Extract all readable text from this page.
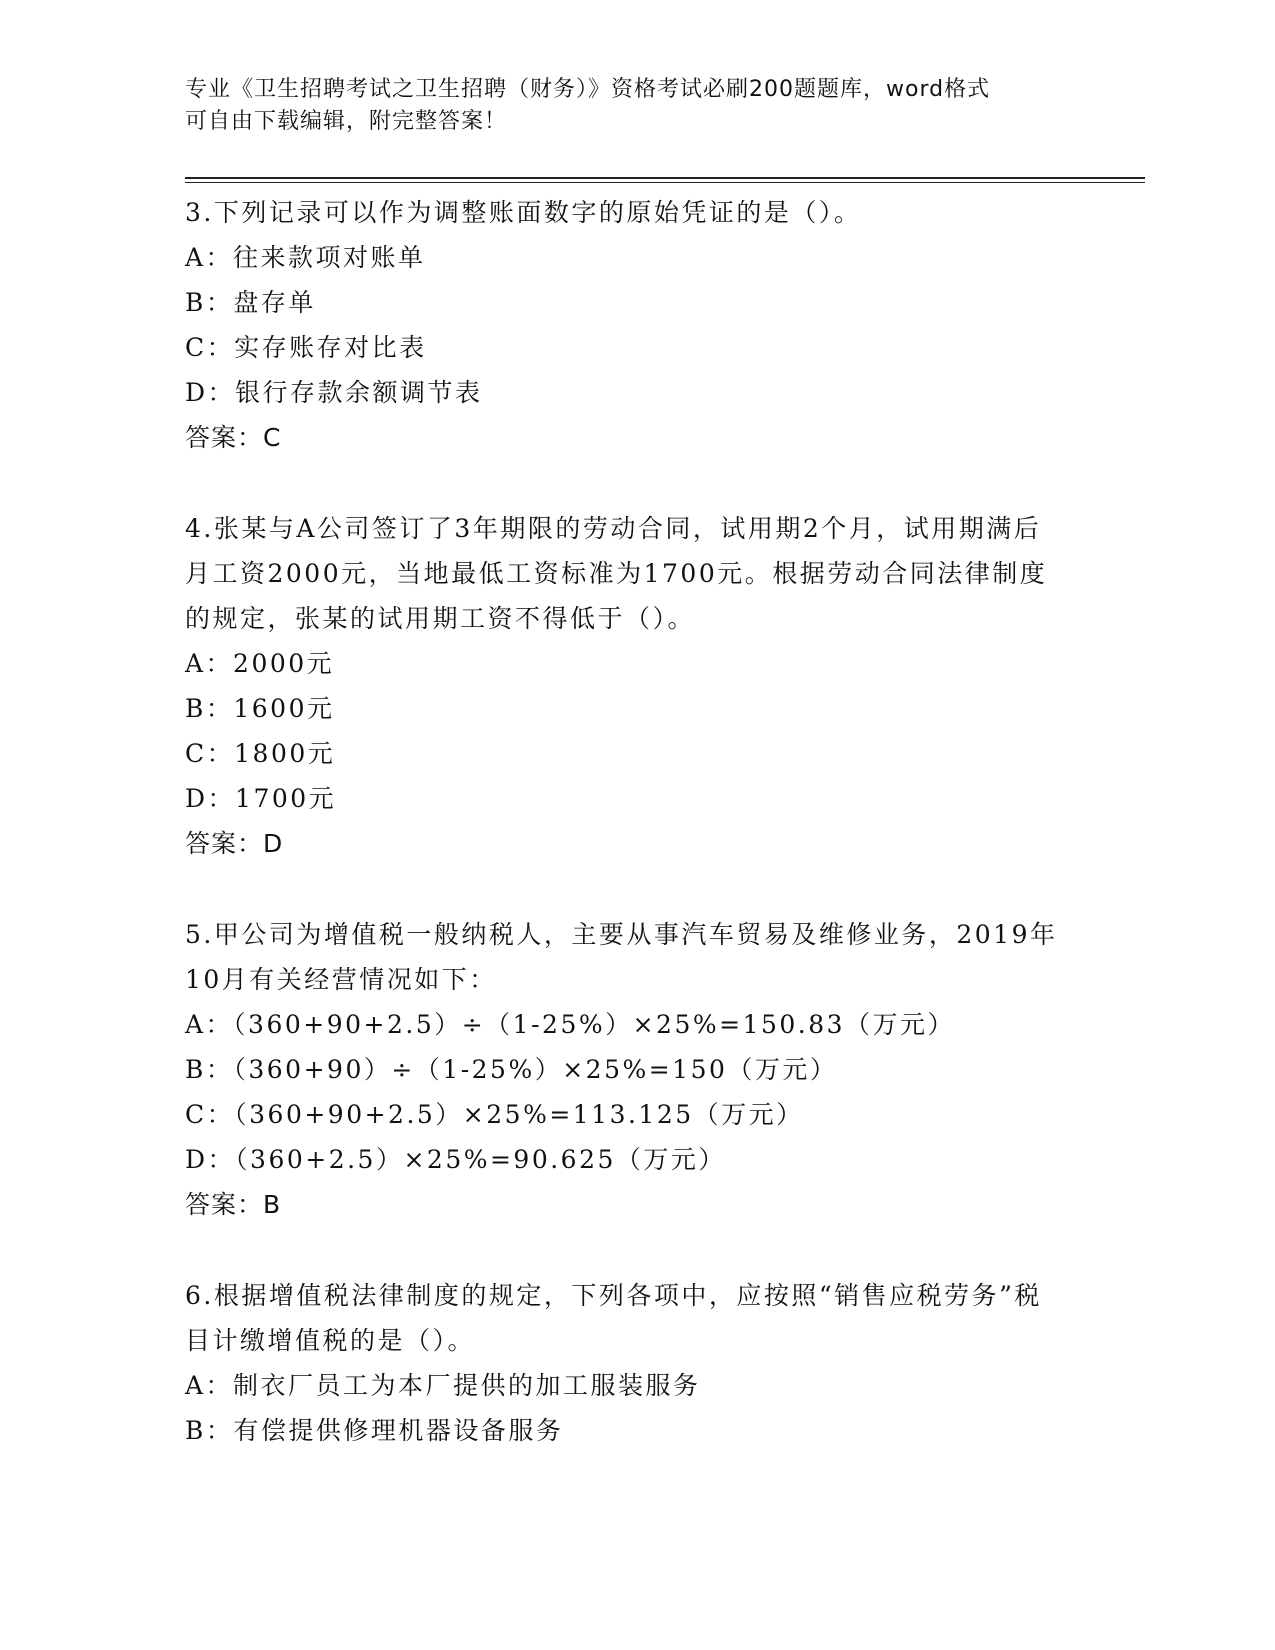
专业《卫生招聘考试之卫生招聘（财务）》资格考试必刷200题题库，word格式
可自由下载编辑，附完整答案！

3.下列记录可以作为调整账面数字的原始凭证的是（）。

A：往来款项对账单

B：盘存单

C：实存账存对比表

D：银行存款余额调节表

答案：C

4.张某与A公司签订了3年期限的劳动合同，试用期2个月，试用期满后月工资2000元，当地最低工资标准为1700元。根据劳动合同法律制度的规定，张某的试用期工资不得低于（）。

A：2000元

B：1600元

C：1800元

D：1700元

答案：D

5.甲公司为增值税一般纳税人，主要从事汽车贸易及维修业务，2019年10月有关经营情况如下：

A：（360+90+2.5）÷（1-25%）×25%=150.83（万元）

B：（360+90）÷（1-25%）×25%=150（万元）

C：（360+90+2.5）×25%=113.125（万元）

D：（360+2.5）×25%=90.625（万元）

答案：B

6.根据增值税法律制度的规定，下列各项中，应按照“销售应税劳务”税目计缴增值税的是（）。

A：制衣厂员工为本厂提供的加工服装服务

B：有偿提供修理机器设备服务
